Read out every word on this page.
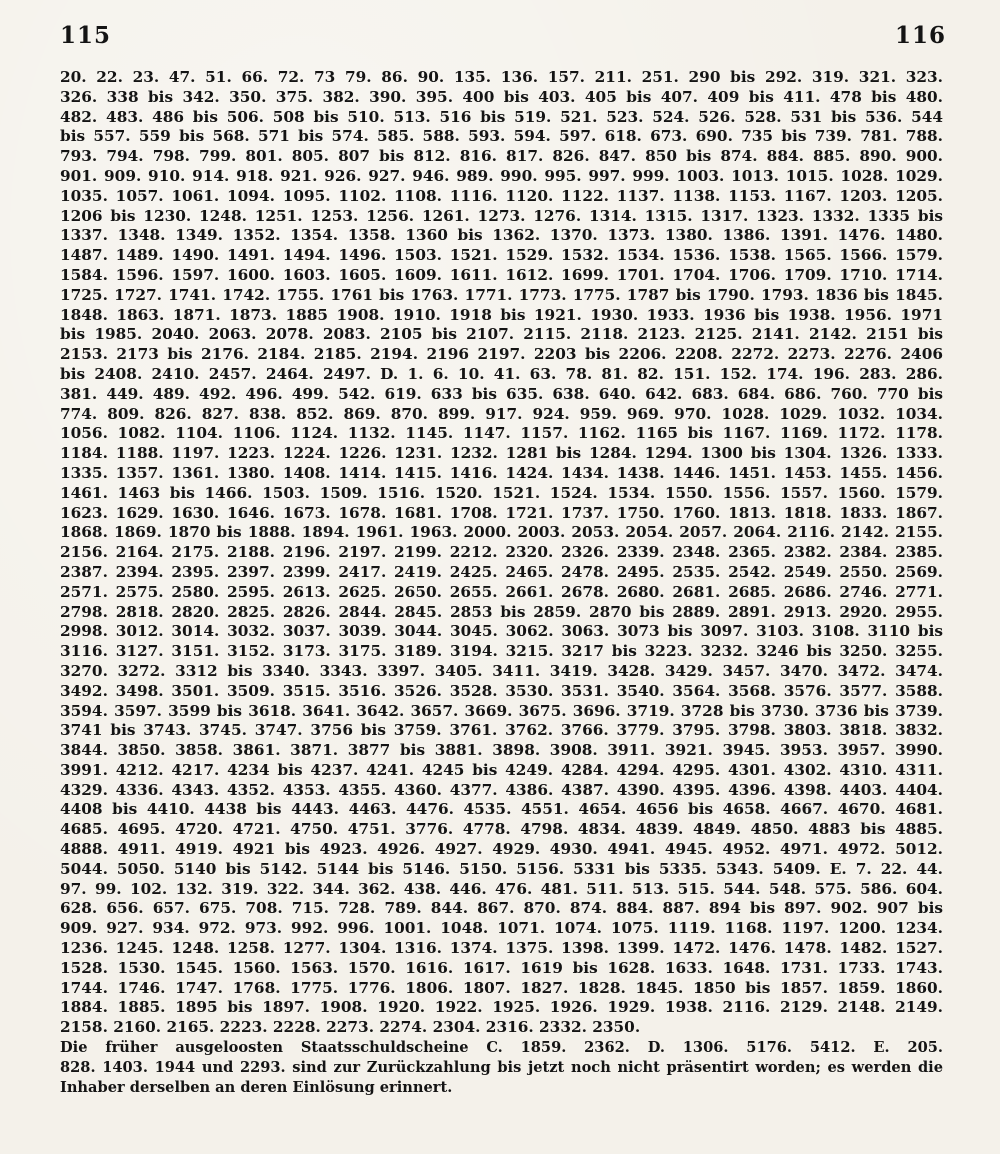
115	116
20. 22. 23. 47. 51. 66. 72. 73 79. 86. 90. 135. 136. 157. 211. 251. 290 bis 292. 319. 321. 323.
326. 338 bis 342. 350. 375. 382. 390. 395. 400 bis 403. 405 bis 407. 409 bis 411. 478 bis 480.
482. 483. 486 bis 506. 508 bis 510. 513. 516 bis 519. 521. 523. 524. 526. 528. 531 bis 536. 544
bis 557. 559 bis 568. 571 bis 574. 585. 588. 593. 594. 597. 618. 673. 690. 735 bis 739. 781. 788.
793. 794. 798. 799. 801. 805. 807 bis 812. 816. 817. 826. 847. 850 bis 874. 884. 885. 890. 900.
901. 909. 910. 914. 918. 921. 926. 927. 946. 989. 990. 995. 997. 999. 1003. 1013. 1015. 1028. 1029.
1035. 1057. 1061. 1094. 1095. 1102. 1108. 1116. 1120. 1122. 1137. 1138. 1153. 1167. 1203. 1205.
1206 bis 1230. 1248. 1251. 1253. 1256. 1261. 1273. 1276. 1314. 1315. 1317. 1323. 1332. 1335 bis
1337. 1348. 1349. 1352. 1354. 1358. 1360 bis 1362. 1370. 1373. 1380. 1386. 1391. 1476. 1480.
1487. 1489. 1490. 1491. 1494. 1496. 1503. 1521. 1529. 1532. 1534. 1536. 1538. 1565. 1566. 1579.
1584. 1596. 1597. 1600. 1603. 1605. 1609. 1611. 1612. 1699. 1701. 1704. 1706. 1709. 1710. 1714.
1725. 1727. 1741. 1742. 1755. 1761 bis 1763. 1771. 1773. 1775. 1787 bis 1790. 1793. 1836 bis 1845.
1848. 1863. 1871. 1873. 1885 1908. 1910. 1918 bis 1921. 1930. 1933. 1936 bis 1938. 1956. 1971
bis 1985. 2040. 2063. 2078. 2083. 2105 bis 2107. 2115. 2118. 2123. 2125. 2141. 2142. 2151 bis
2153. 2173 bis 2176. 2184. 2185. 2194. 2196 2197. 2203 bis 2206. 2208. 2272. 2273. 2276. 2406
bis 2408. 2410. 2457. 2464. 2497. D. 1. 6. 10. 41. 63. 78. 81. 82. 151. 152. 174. 196. 283. 286.
381. 449. 489. 492. 496. 499. 542. 619. 633 bis 635. 638. 640. 642. 683. 684. 686. 760. 770 bis
774. 809. 826. 827. 838. 852. 869. 870. 899. 917. 924. 959. 969. 970. 1028. 1029. 1032. 1034.
1056. 1082. 1104. 1106. 1124. 1132. 1145. 1147. 1157. 1162. 1165 bis 1167. 1169. 1172. 1178.
1184. 1188. 1197. 1223. 1224. 1226. 1231. 1232. 1281 bis 1284. 1294. 1300 bis 1304. 1326. 1333.
1335. 1357. 1361. 1380. 1408. 1414. 1415. 1416. 1424. 1434. 1438. 1446. 1451. 1453. 1455. 1456.
1461. 1463 bis 1466. 1503. 1509. 1516. 1520. 1521. 1524. 1534. 1550. 1556. 1557. 1560. 1579.
1623. 1629. 1630. 1646. 1673. 1678. 1681. 1708. 1721. 1737. 1750. 1760. 1813. 1818. 1833. 1867.
1868. 1869. 1870 bis 1888. 1894. 1961. 1963. 2000. 2003. 2053. 2054. 2057. 2064. 2116. 2142. 2155.
2156. 2164. 2175. 2188. 2196. 2197. 2199. 2212. 2320. 2326. 2339. 2348. 2365. 2382. 2384. 2385.
2387. 2394. 2395. 2397. 2399. 2417. 2419. 2425. 2465. 2478. 2495. 2535. 2542. 2549. 2550. 2569.
2571. 2575. 2580. 2595. 2613. 2625. 2650. 2655. 2661. 2678. 2680. 2681. 2685. 2686. 2746. 2771.
2798. 2818. 2820. 2825. 2826. 2844. 2845. 2853 bis 2859. 2870 bis 2889. 2891. 2913. 2920. 2955.
2998. 3012. 3014. 3032. 3037. 3039. 3044. 3045. 3062. 3063. 3073 bis 3097. 3103. 3108. 3110 bis
3116. 3127. 3151. 3152. 3173. 3175. 3189. 3194. 3215. 3217 bis 3223. 3232. 3246 bis 3250. 3255.
3270. 3272. 3312 bis 3340. 3343. 3397. 3405. 3411. 3419. 3428. 3429. 3457. 3470. 3472. 3474.
3492. 3498. 3501. 3509. 3515. 3516. 3526. 3528. 3530. 3531. 3540. 3564. 3568. 3576. 3577. 3588.
3594. 3597. 3599 bis 3618. 3641. 3642. 3657. 3669. 3675. 3696. 3719. 3728 bis 3730. 3736 bis 3739.
3741 bis 3743. 3745. 3747. 3756 bis 3759. 3761. 3762. 3766. 3779. 3795. 3798. 3803. 3818. 3832.
3844. 3850. 3858. 3861. 3871. 3877 bis 3881. 3898. 3908. 3911. 3921. 3945. 3953. 3957. 3990.
3991. 4212. 4217. 4234 bis 4237. 4241. 4245 bis 4249. 4284. 4294. 4295. 4301. 4302. 4310. 4311.
4329. 4336. 4343. 4352. 4353. 4355. 4360. 4377. 4386. 4387. 4390. 4395. 4396. 4398. 4403. 4404.
4408 bis 4410. 4438 bis 4443. 4463. 4476. 4535. 4551. 4654. 4656 bis 4658. 4667. 4670. 4681.
4685. 4695. 4720. 4721. 4750. 4751. 3776. 4778. 4798. 4834. 4839. 4849. 4850. 4883 bis 4885.
4888. 4911. 4919. 4921 bis 4923. 4926. 4927. 4929. 4930. 4941. 4945. 4952. 4971. 4972. 5012.
5044. 5050. 5140 bis 5142. 5144 bis 5146. 5150. 5156. 5331 bis 5335. 5343. 5409. E. 7. 22. 44.
97. 99. 102. 132. 319. 322. 344. 362. 438. 446. 476. 481. 511. 513. 515. 544. 548. 575. 586. 604.
628. 656. 657. 675. 708. 715. 728. 789. 844. 867. 870. 874. 884. 887. 894 bis 897. 902. 907 bis
909. 927. 934. 972. 973. 992. 996. 1001. 1048. 1071. 1074. 1075. 1119. 1168. 1197. 1200. 1234.
1236. 1245. 1248. 1258. 1277. 1304. 1316. 1374. 1375. 1398. 1399. 1472. 1476. 1478. 1482. 1527.
1528. 1530. 1545. 1560. 1563. 1570. 1616. 1617. 1619 bis 1628. 1633. 1648. 1731. 1733. 1743.
1744. 1746. 1747. 1768. 1775. 1776. 1806. 1807. 1827. 1828. 1845. 1850 bis 1857. 1859. 1860.
1884. 1885. 1895 bis 1897. 1908. 1920. 1922. 1925. 1926. 1929. 1938. 2116. 2129. 2148. 2149.
2158. 2160. 2165. 2223. 2228. 2273. 2274. 2304. 2316. 2332. 2350.
Die früher ausgeloosten Staatsschuldscheine C. 1859. 2362. D. 1306. 5176. 5412. E. 205.
828. 1403. 1944 und 2293. sind zur Zurückzahlung bis jetzt noch nicht präsentirt worden; es werden die
Inhaber derselben an deren Einlösung erinnert.
